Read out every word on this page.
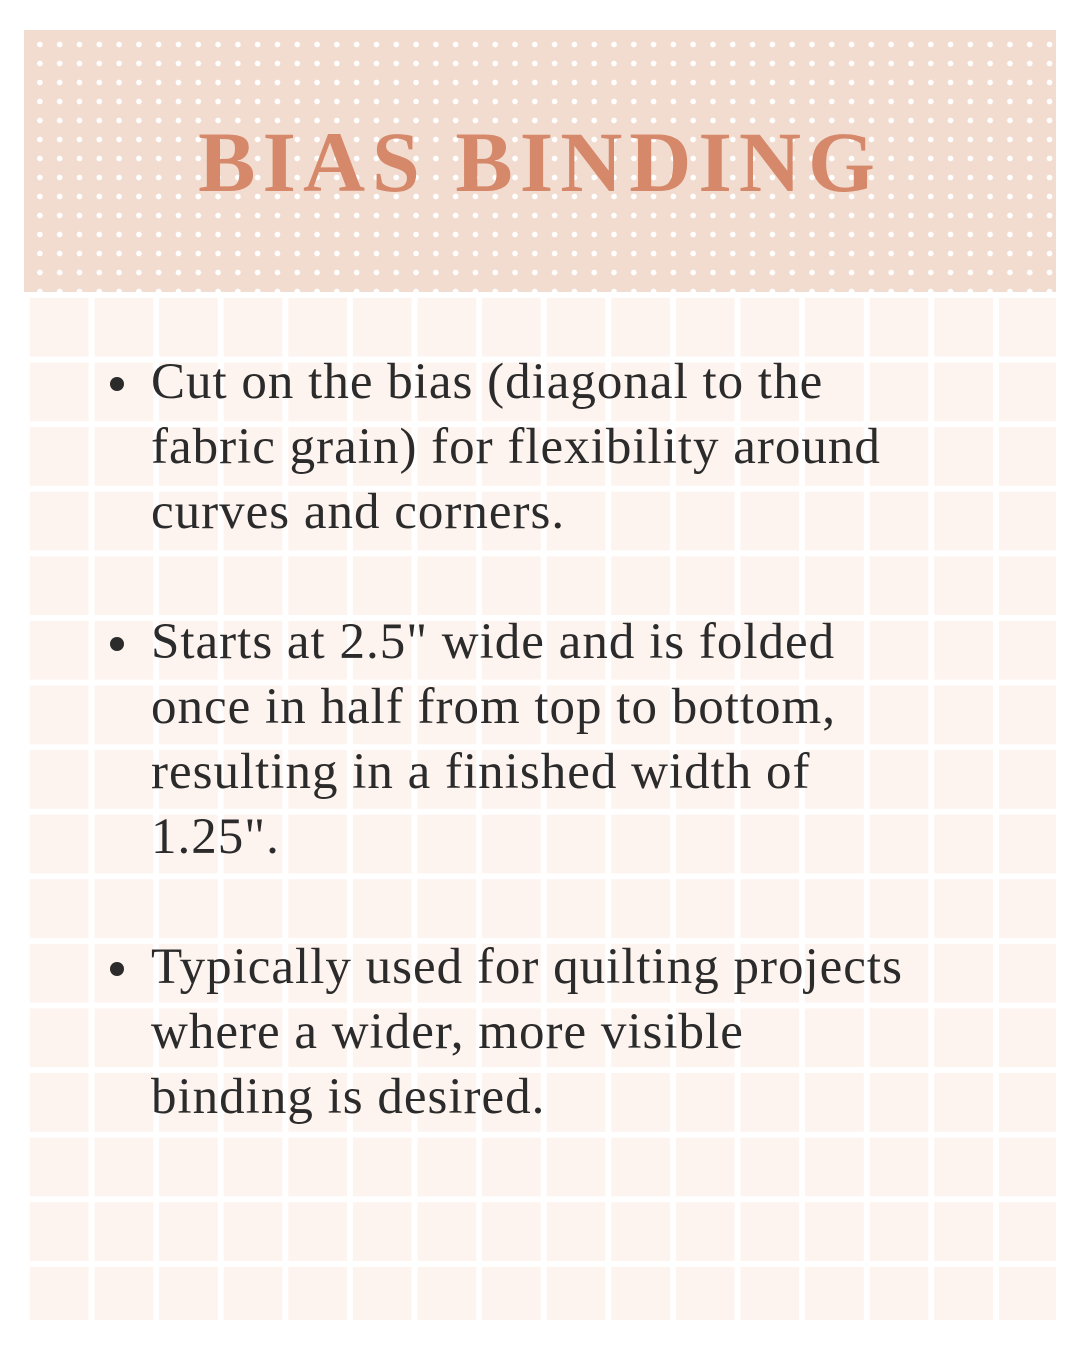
BIAS BINDING
Cut on the bias (diagonal to the
fabric grain) for flexibility around
curves and corners.
Starts at 2.5" wide and is folded
once in half from top to bottom,
resulting in a finished width of
1.25".
Typically used for quilting projects
where a wider, more visible
binding is desired.
